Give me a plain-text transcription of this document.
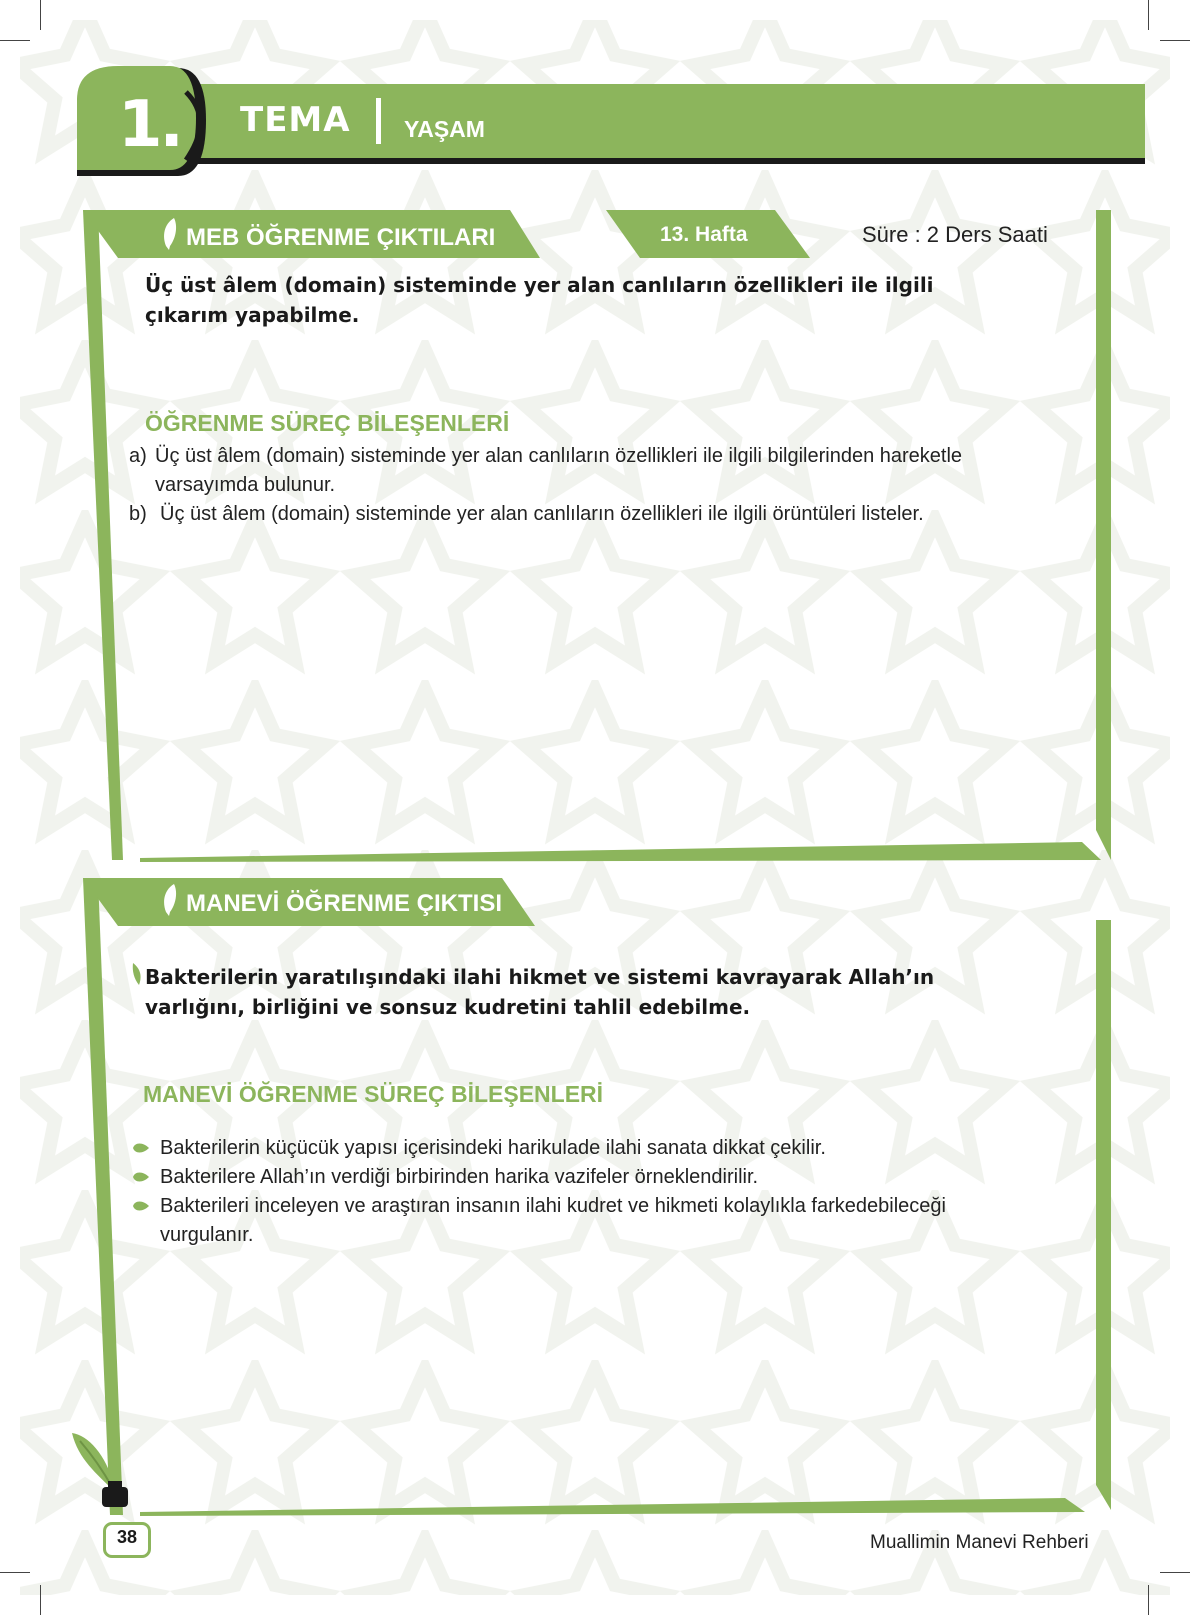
1. TEMA YAŞAM
MEB ÖĞRENME ÇIKTILARI	13. Hafta	Süre : 2 Ders Saati
Üç üst âlem (domain) sisteminde yer alan canlıların özellikleri ile ilgili
çıkarım yapabilme.
ÖĞRENME SÜREÇ BİLEŞENLERİ
a) Üç üst âlem (domain) sisteminde yer alan canlıların özellikleri ile ilgili bilgilerinden hareketle
varsayımda bulunur.
b) Üç üst âlem (domain) sisteminde yer alan canlıların özellikleri ile ilgili örüntüleri listeler.
MANEVİ ÖĞRENME ÇIKTISI
Bakterilerin yaratılışındaki ilahi hikmet ve sistemi kavrayarak Allah’ın
varlığını, birliğini ve sonsuz kudretini tahlil edebilme.
MANEVİ ÖĞRENME SÜREÇ BİLEŞENLERİ
Bakterilerin küçücük yapısı içerisindeki harikulade ilahi sanata dikkat çekilir.
Bakterilere Allah’ın verdiği birbirinden harika vazifeler örneklendirilir.
Bakterileri inceleyen ve araştıran insanın ilahi kudret ve hikmeti kolaylıkla farkedebileceği
vurgulanır.
38	Muallimin Manevi Rehberi
